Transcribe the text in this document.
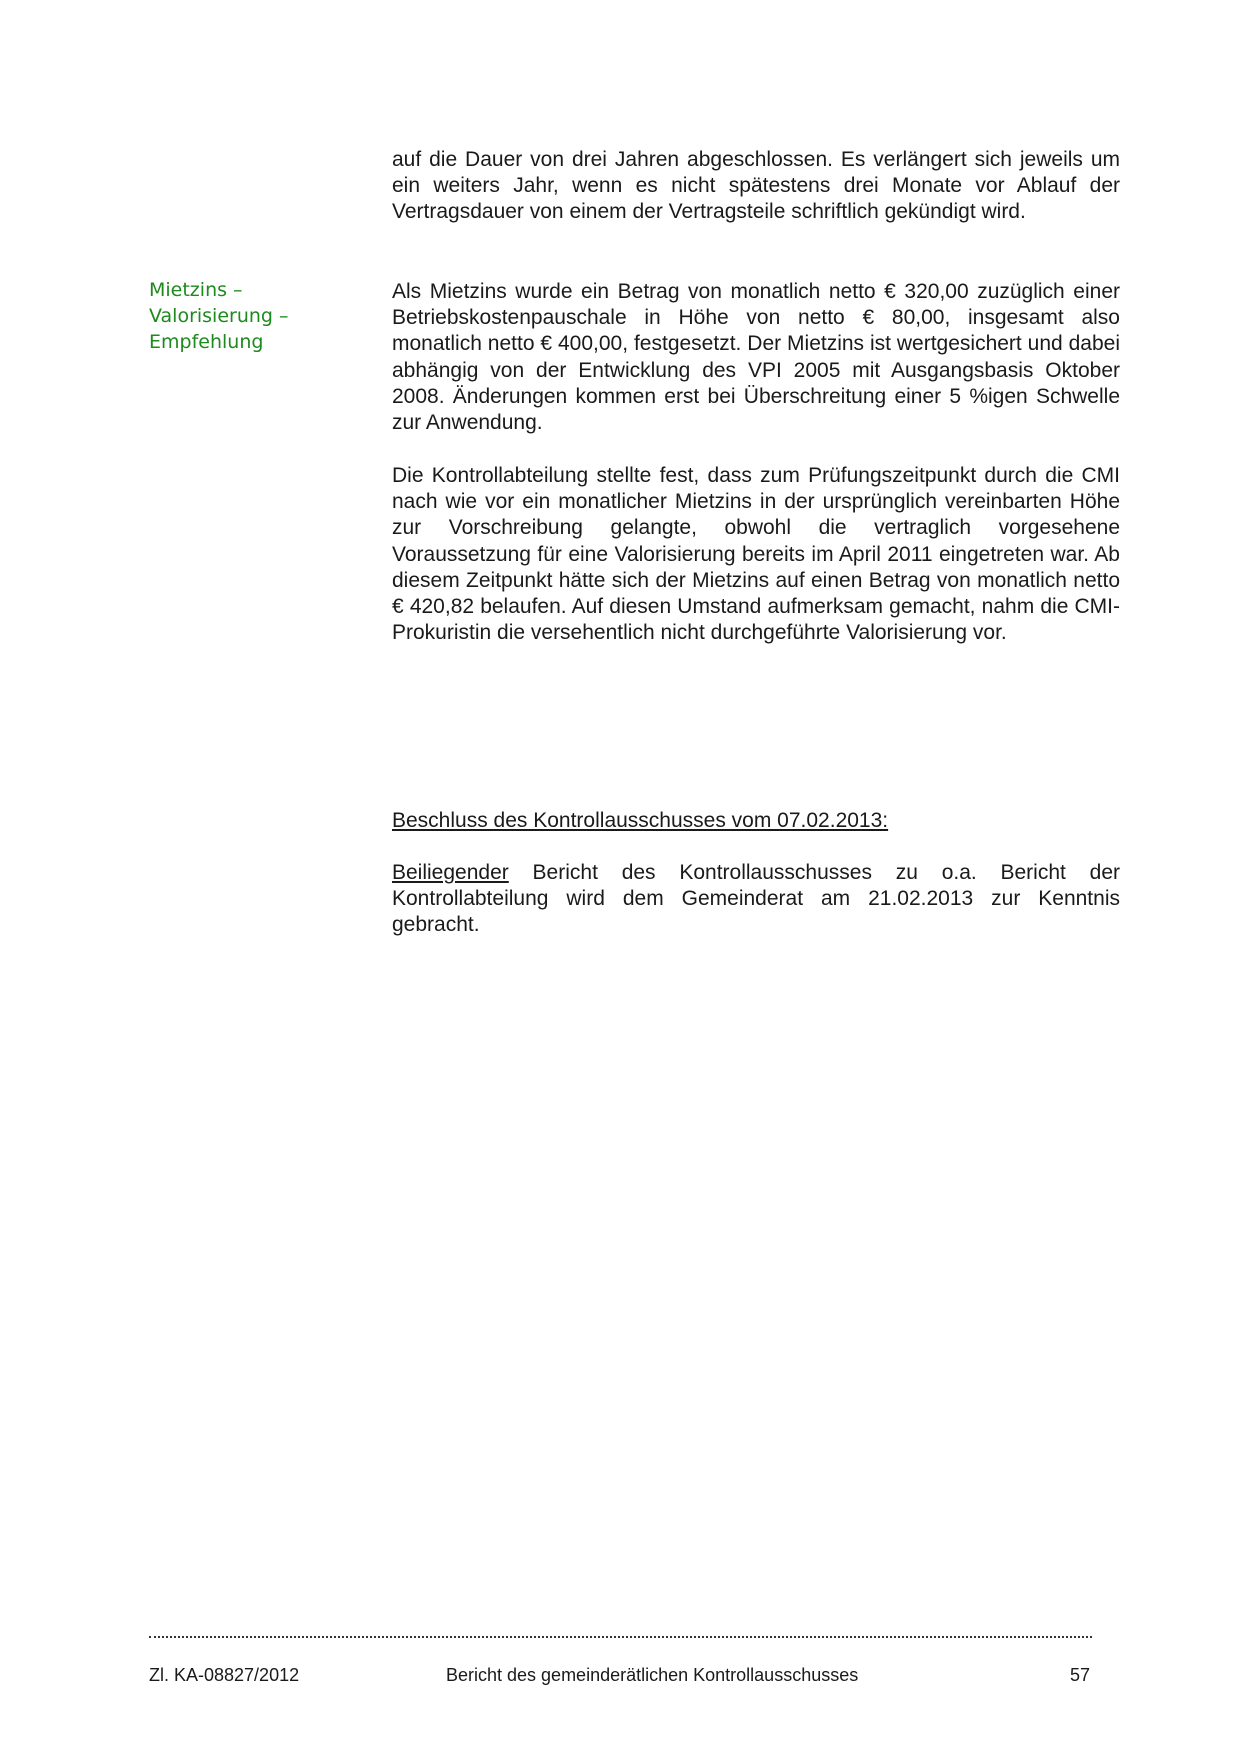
Mietzins –
Valorisierung –
Empfehlung

auf die Dauer von drei Jahren abgeschlossen. Es verlängert sich jeweils um ein weiters Jahr, wenn es nicht spätestens drei Monate vor Ablauf der Vertragsdauer von einem der Vertragsteile schriftlich gekündigt wird.

Als Mietzins wurde ein Betrag von monatlich netto € 320,00 zuzüglich einer Betriebskostenpauschale in Höhe von netto € 80,00, insgesamt also monatlich netto € 400,00, festgesetzt. Der Mietzins ist wertgesichert und dabei abhängig von der Entwicklung des VPI 2005 mit Ausgangsbasis Oktober 2008. Änderungen kommen erst bei Überschreitung einer 5 %igen Schwelle zur Anwendung.

Die Kontrollabteilung stellte fest, dass zum Prüfungszeitpunkt durch die CMI nach wie vor ein monatlicher Mietzins in der ursprünglich vereinbarten Höhe zur Vorschreibung gelangte, obwohl die vertraglich vorgesehene Voraussetzung für eine Valorisierung bereits im April 2011 eingetreten war. Ab diesem Zeitpunkt hätte sich der Mietzins auf einen Betrag von monatlich netto € 420,82 belaufen. Auf diesen Umstand aufmerksam gemacht, nahm die CMI-Prokuristin die versehentlich nicht durchgeführte Valorisierung vor.

Beschluss des Kontrollausschusses vom 07.02.2013:

Beiliegender Bericht des Kontrollausschusses zu o.a. Bericht der Kontrollabteilung wird dem Gemeinderat am 21.02.2013 zur Kenntnis gebracht.

Zl. KA-08827/2012	Bericht des gemeinderätlichen Kontrollausschusses	57
